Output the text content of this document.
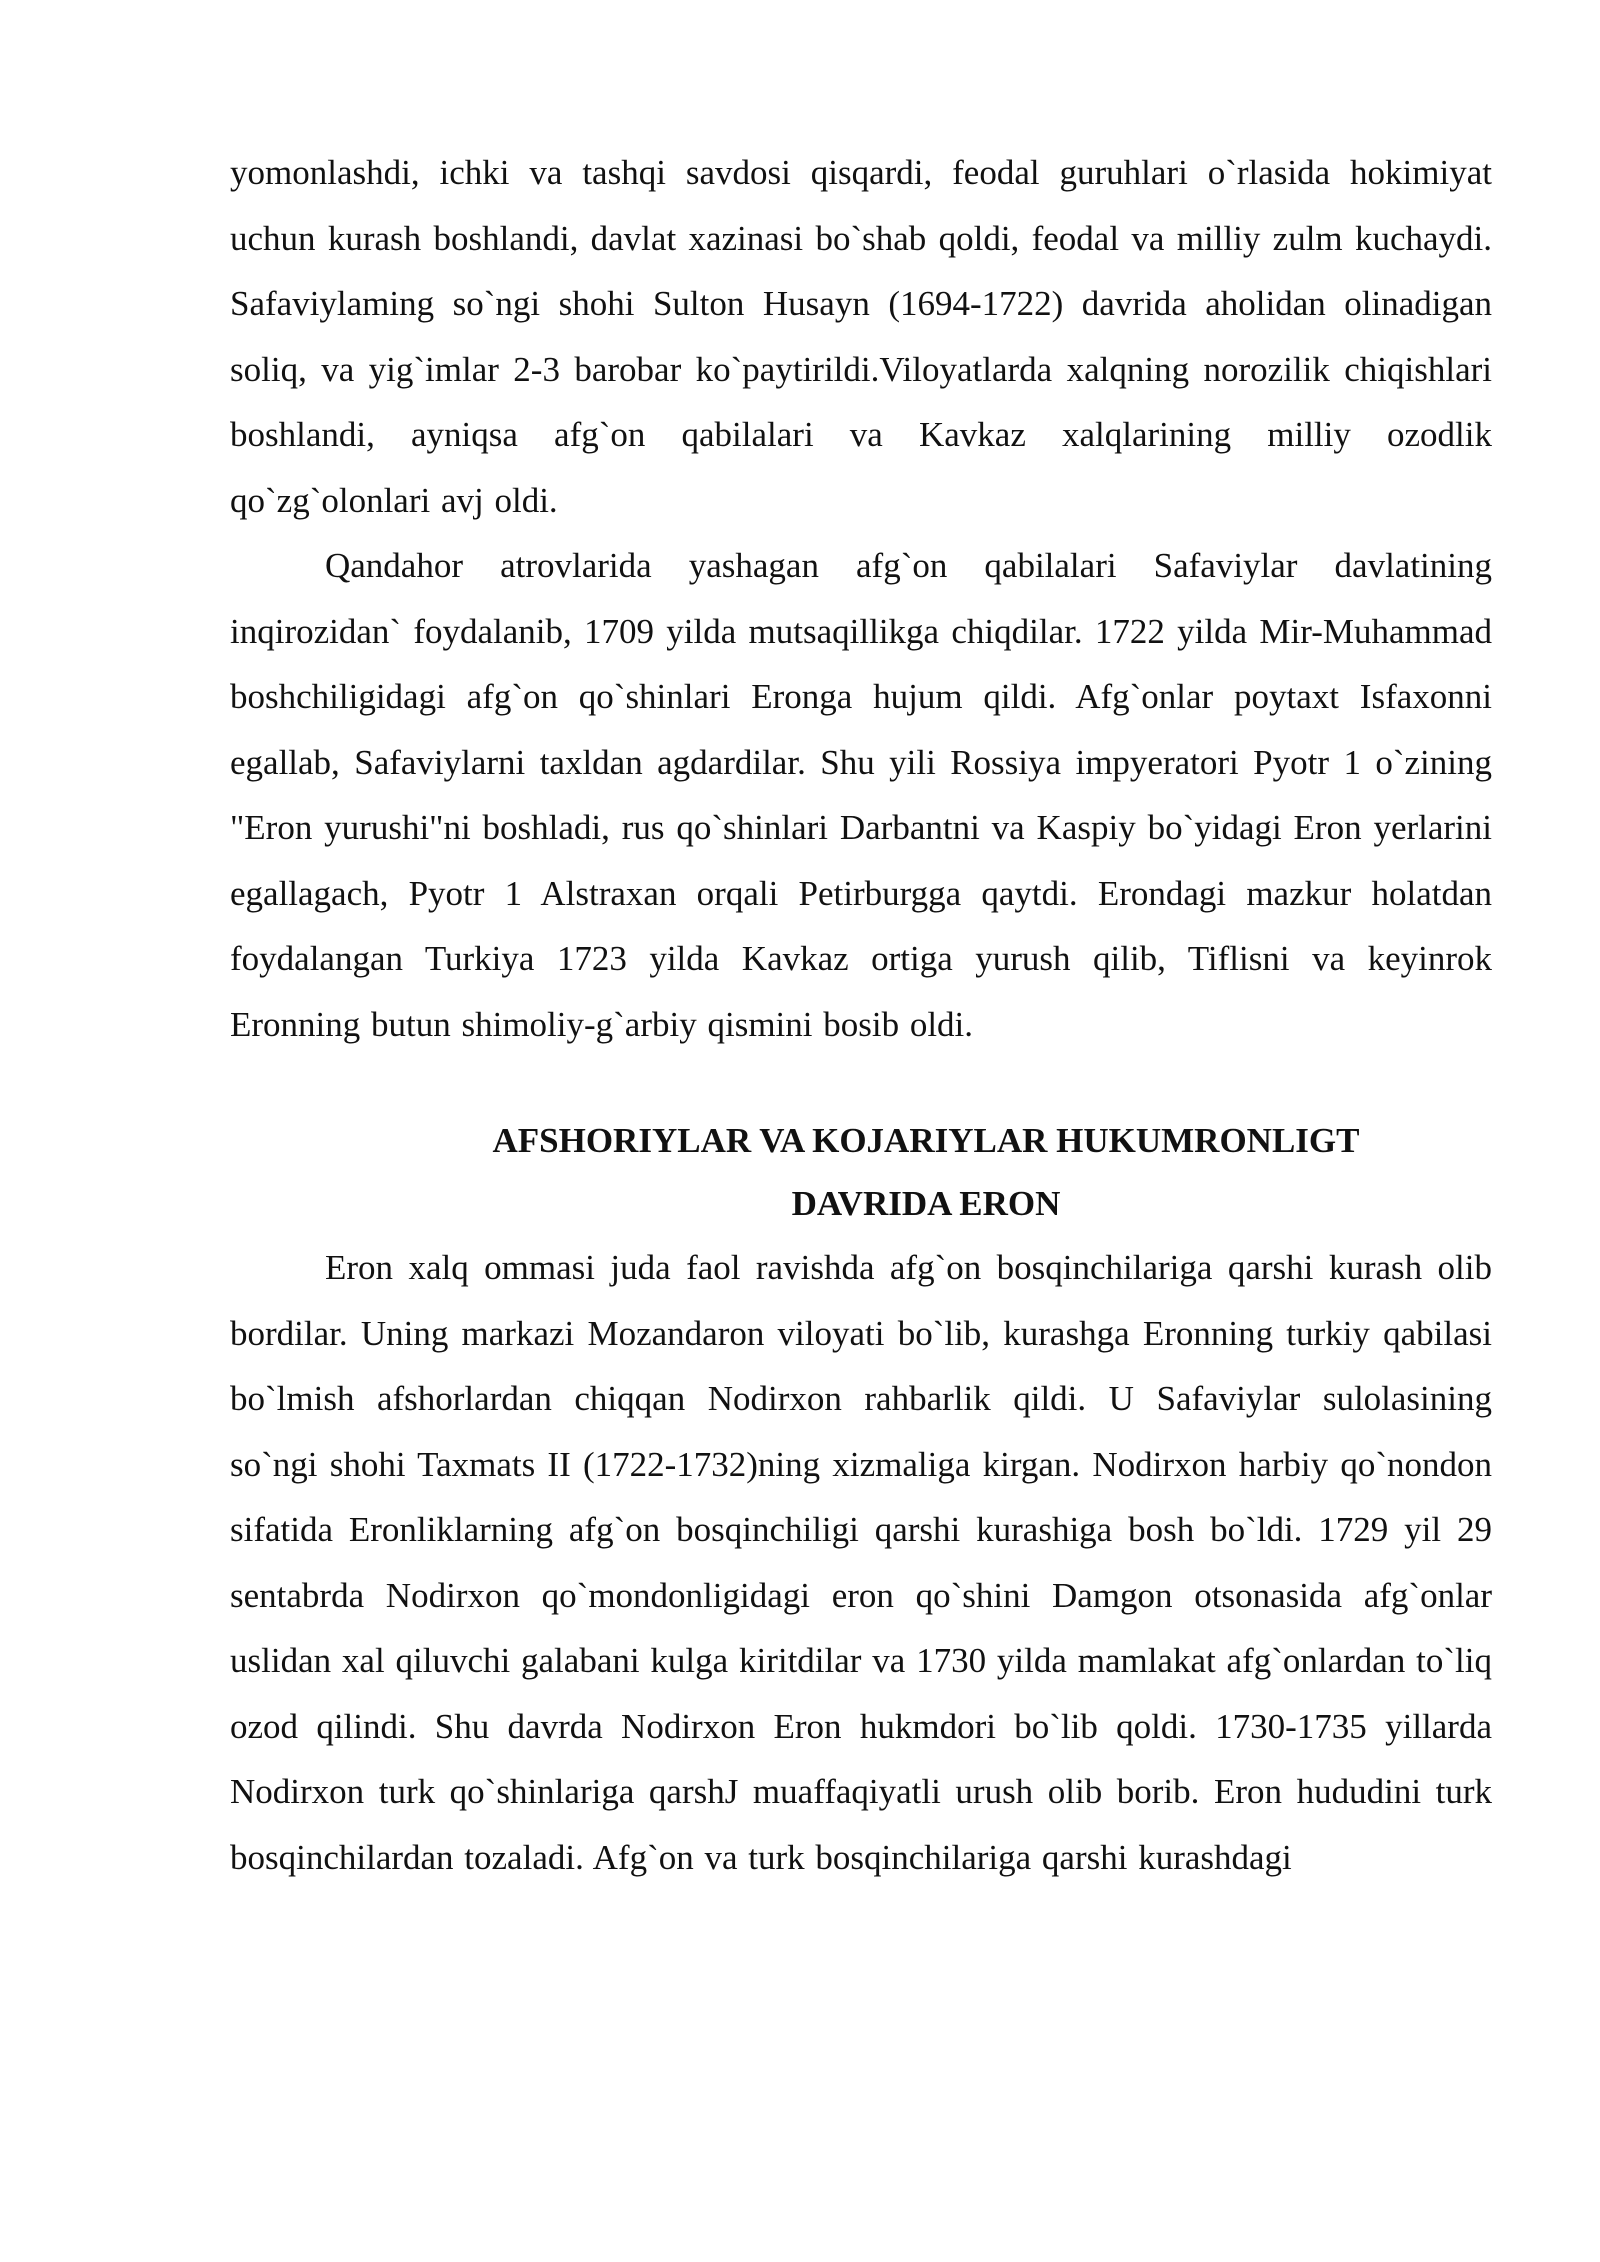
yomonlashdi, ichki va tashqi savdosi qisqardi, feodal guruhlari o`rlasida hokimiyat uchun kurash boshlandi, davlat xazinasi bo`shab qoldi, feodal va milliy zulm kuchaydi. Safaviylaming so`ngi shohi Sulton Husayn (1694-1722) davrida aholidan olinadigan soliq, va yig`imlar 2-3 barobar ko`paytirildi.Viloyatlarda xalqning norozilik chiqishlari boshlandi, ayniqsa afg`on qabilalari va Kavkaz xalqlarining milliy ozodlik qo`zg`olonlari avj oldi.

Qandahor atrovlarida yashagan afg`on qabilalari Safaviylar davlatining inqirozidan` foydalanib, 1709 yilda mutsaqillikga chiqdilar. 1722 yilda Mir-Muhammad boshchiligidagi afg`on qo`shinlari Eronga hujum qildi. Afg`onlar poytaxt Isfaxonni egallab, Safaviylarni taxldan agdardilar. Shu yili Rossiya impyeratori Pyotr 1 o`zining "Eron yurushi"ni boshladi, rus qo`shinlari Darbantni va Kaspiy bo`yidagi Eron yerlarini egallagach, Pyotr 1 Alstraxan orqali Petirburgga qaytdi. Erondagi mazkur holatdan foydalangan Turkiya 1723 yilda Kavkaz ortiga yurush qilib, Tiflisni va keyinrok Eronning butun shimoliy-g`arbiy qismini bosib oldi.

AFSHORIYLAR VA KOJARIYLAR HUKUMRONLIGT
DAVRIDA ERON

Eron xalq ommasi juda faol ravishda afg`on bosqinchilariga qarshi kurash olib bordilar. Uning markazi Mozandaron viloyati bo`lib, kurashga Eronning turkiy qabilasi bo`lmish afshorlardan chiqqan Nodirxon rahbarlik qildi. U Safaviylar sulolasining so`ngi shohi Taxmats II (1722-1732)ning xizmaliga kirgan. Nodirxon harbiy qo`nondon sifatida Eronliklarning afg`on bosqinchiligi qarshi kurashiga bosh bo`ldi. 1729 yil 29 sentabrda Nodirxon qo`mondonligidagi eron qo`shini Damgon otsonasida afg`onlar uslidan xal qiluvchi galabani kulga kiritdilar va 1730 yilda mamlakat afg`onlardan to`liq ozod qilindi. Shu davrda Nodirxon Eron hukmdori bo`lib qoldi. 1730-1735 yillarda Nodirxon turk qo`shinlariga qarshJ muaffaqiyatli urush olib borib. Eron hududini turk bosqinchilardan tozaladi. Afg`on va turk bosqinchilariga qarshi kurashdagi
